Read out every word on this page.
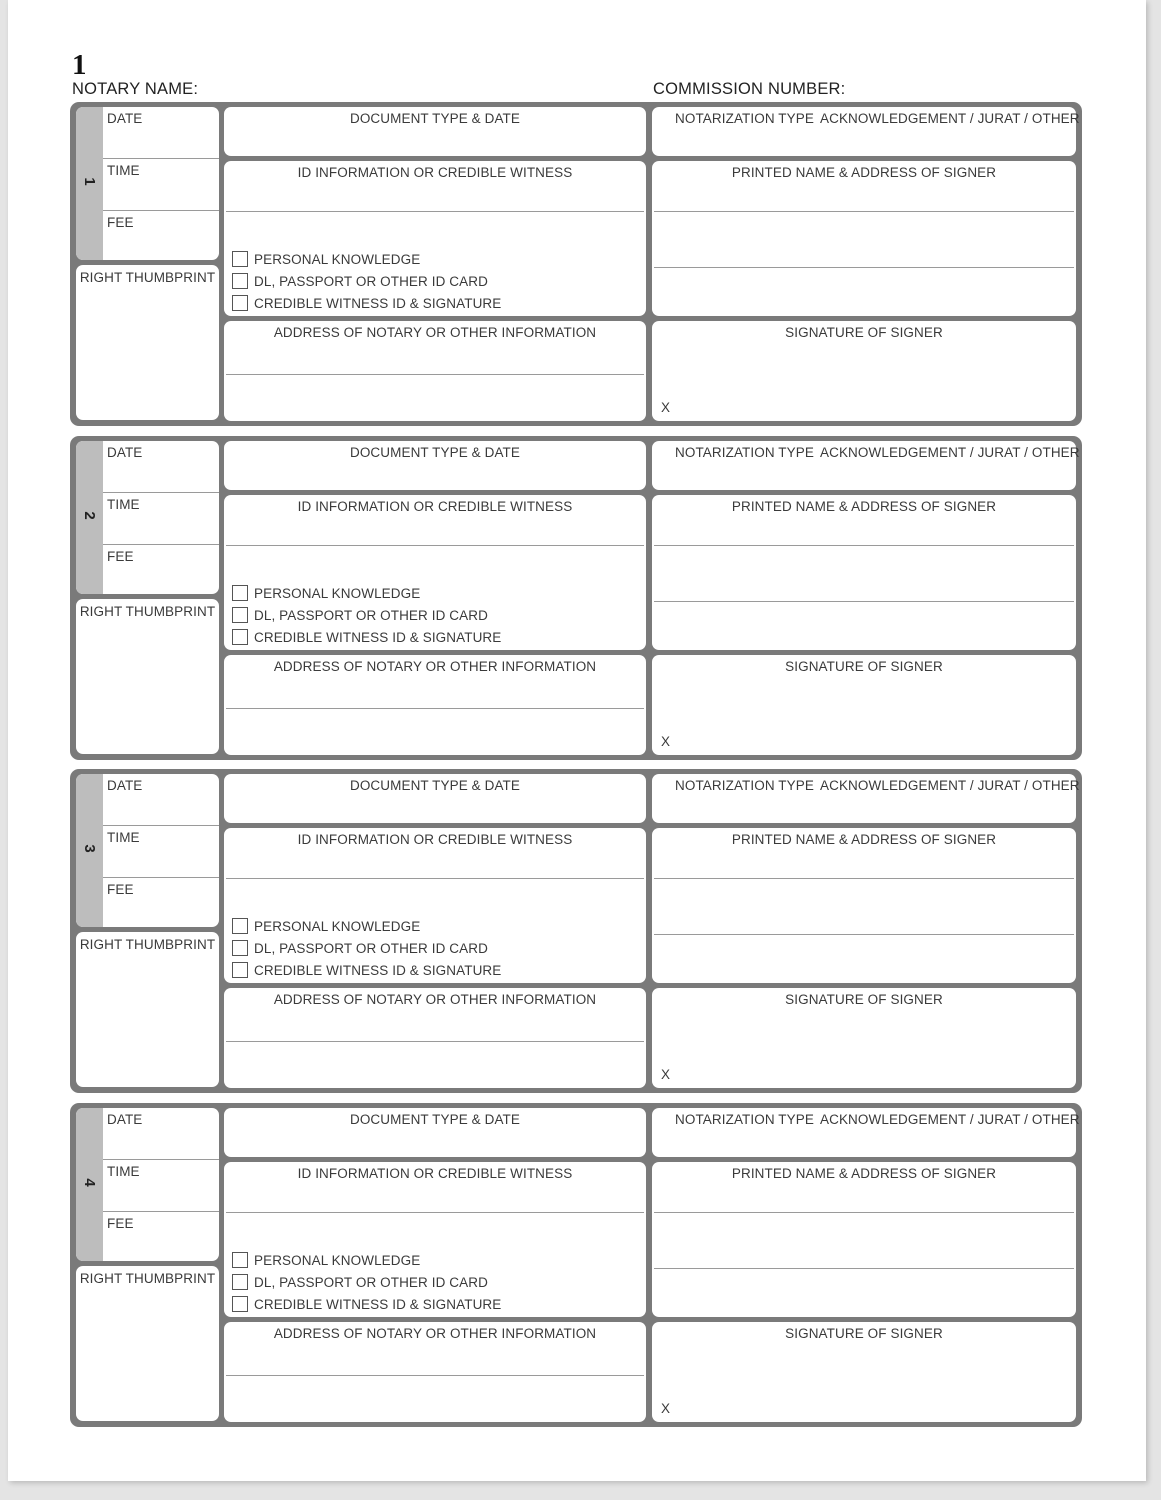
1
NOTARY NAME:	COMMISSION NUMBER:
1
DATE
TIME
FEE
RIGHT THUMBPRINT
DOCUMENT TYPE & DATE
ID INFORMATION OR CREDIBLE WITNESS
PERSONAL KNOWLEDGE
DL, PASSPORT OR OTHER ID CARD
CREDIBLE WITNESS ID & SIGNATURE
ADDRESS OF NOTARY OR OTHER INFORMATION
NOTARIZATION TYPE ACKNOWLEDGEMENT / JURAT / OTHER
PRINTED NAME & ADDRESS OF SIGNER
SIGNATURE OF SIGNER
X
2
DATE
TIME
FEE
RIGHT THUMBPRINT
DOCUMENT TYPE & DATE
ID INFORMATION OR CREDIBLE WITNESS
PERSONAL KNOWLEDGE
DL, PASSPORT OR OTHER ID CARD
CREDIBLE WITNESS ID & SIGNATURE
ADDRESS OF NOTARY OR OTHER INFORMATION
NOTARIZATION TYPE ACKNOWLEDGEMENT / JURAT / OTHER
PRINTED NAME & ADDRESS OF SIGNER
SIGNATURE OF SIGNER
X
3
DATE
TIME
FEE
RIGHT THUMBPRINT
DOCUMENT TYPE & DATE
ID INFORMATION OR CREDIBLE WITNESS
PERSONAL KNOWLEDGE
DL, PASSPORT OR OTHER ID CARD
CREDIBLE WITNESS ID & SIGNATURE
ADDRESS OF NOTARY OR OTHER INFORMATION
NOTARIZATION TYPE ACKNOWLEDGEMENT / JURAT / OTHER
PRINTED NAME & ADDRESS OF SIGNER
SIGNATURE OF SIGNER
X
4
DATE
TIME
FEE
RIGHT THUMBPRINT
DOCUMENT TYPE & DATE
ID INFORMATION OR CREDIBLE WITNESS
PERSONAL KNOWLEDGE
DL, PASSPORT OR OTHER ID CARD
CREDIBLE WITNESS ID & SIGNATURE
ADDRESS OF NOTARY OR OTHER INFORMATION
NOTARIZATION TYPE ACKNOWLEDGEMENT / JURAT / OTHER
PRINTED NAME & ADDRESS OF SIGNER
SIGNATURE OF SIGNER
X
